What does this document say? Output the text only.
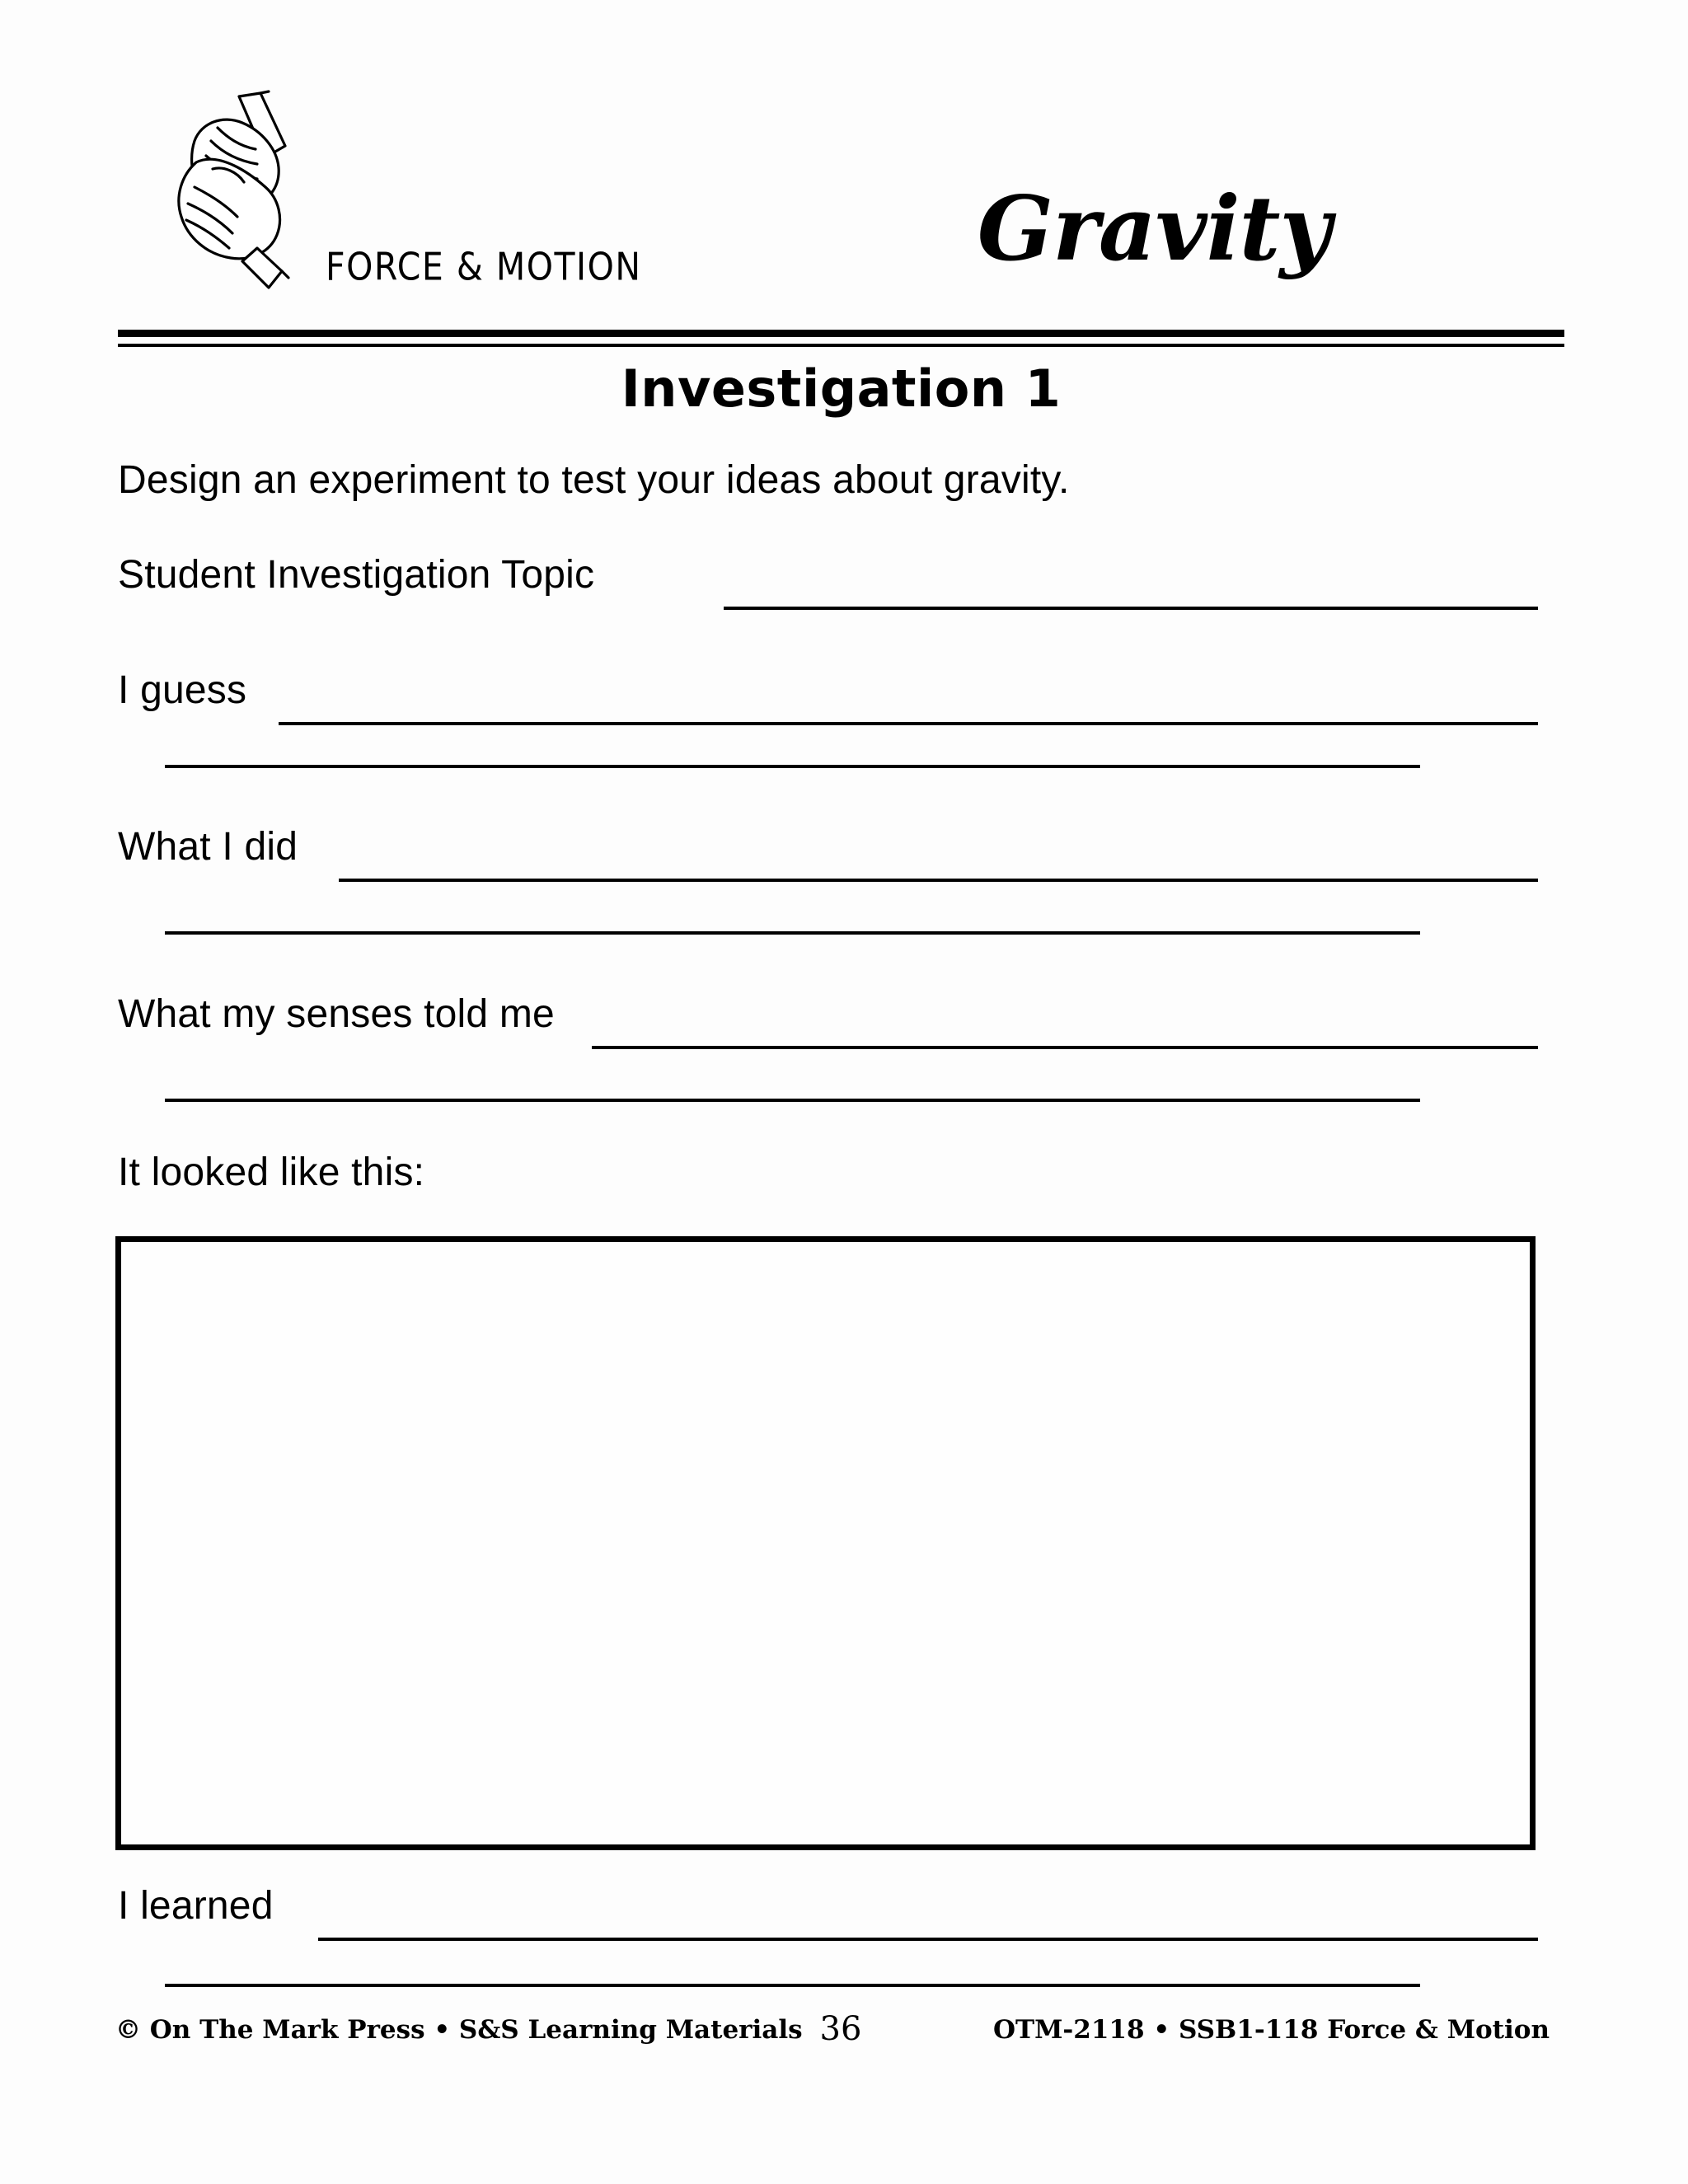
FORCE & MOTION	Gravity
Investigation 1
Design an experiment to test your ideas about gravity.
Student Investigation Topic
I guess
What I did
What my senses told me
It looked like this:
I learned
© On The Mark Press • S&S Learning Materials 36	OTM-2118 • SSB1-118 Force & Motion
